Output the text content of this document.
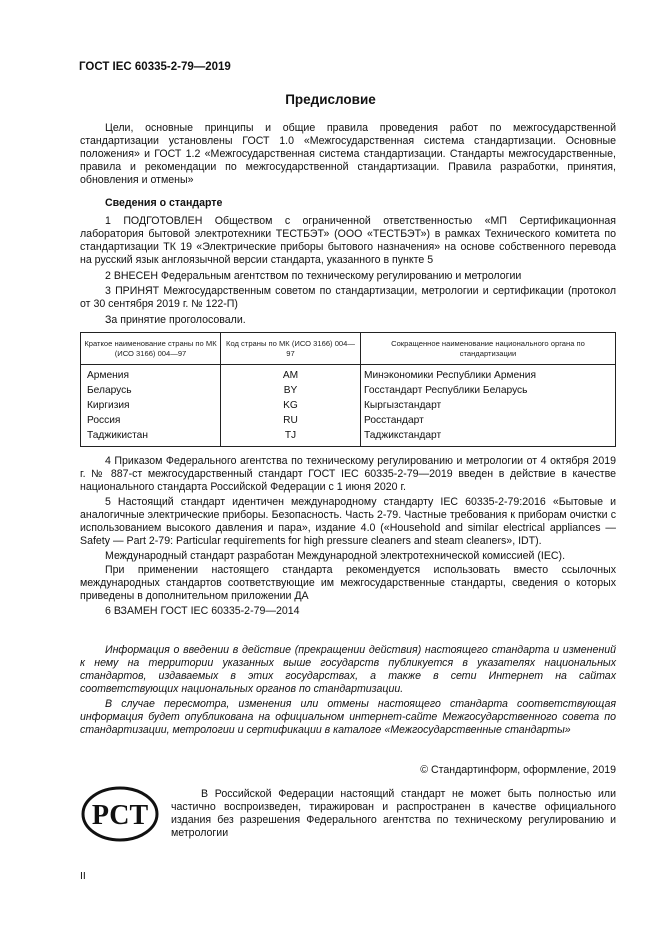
ГОСТ IEC 60335-2-79—2019
Предисловие
Цели, основные принципы и общие правила проведения работ по межгосударственной стандартизации установлены ГОСТ 1.0 «Межгосударственная система стандартизации. Основные положения» и ГОСТ 1.2 «Межгосударственная система стандартизации. Стандарты межгосударственные, правила и рекомендации по межгосударственной стандартизации. Правила разработки, принятия, обновления и отмены»
Сведения о стандарте
1 ПОДГОТОВЛЕН Обществом с ограниченной ответственностью «МП Сертификационная лаборатория бытовой электротехники ТЕСТБЭТ» (ООО «ТЕСТБЭТ») в рамках Технического комитета по стандартизации ТК 19 «Электрические приборы бытового назначения» на основе собственного перевода на русский язык англоязычной версии стандарта, указанного в пункте 5
2 ВНЕСЕН Федеральным агентством по техническому регулированию и метрологии
3 ПРИНЯТ Межгосударственным советом по стандартизации, метрологии и сертификации (протокол от 30 сентября 2019 г. № 122-П)
За принятие проголосовали.
Краткое наименование страны по МК (ИСО 3166) 004—97	Код страны по МК (ИСО 3166) 004—97	Сокращенное наименование национального органа по стандартизации
Армения	AM	Минэкономики Республики Армения
Беларусь	BY	Госстандарт Республики Беларусь
Киргизия	KG	Кыргызстандарт
Россия	RU	Росстандарт
Таджикистан	TJ	Таджикстандарт
4 Приказом Федерального агентства по техническому регулированию и метрологии от 4 октября 2019 г. № 887-ст межгосударственный стандарт ГОСТ IEC 60335-2-79—2019 введен в действие в качестве национального стандарта Российской Федерации с 1 июня 2020 г.
5 Настоящий стандарт идентичен международному стандарту IEC 60335-2-79:2016 «Бытовые и аналогичные электрические приборы. Безопасность. Часть 2-79. Частные требования к приборам очистки с использованием высокого давления и пара», издание 4.0 («Household and similar electrical appliances — Safety — Part 2-79: Particular requirements for high pressure cleaners and steam cleaners», IDT).
Международный стандарт разработан Международной электротехнической комиссией (IEC).
При применении настоящего стандарта рекомендуется использовать вместо ссылочных международных стандартов соответствующие им межгосударственные стандарты, сведения о которых приведены в дополнительном приложении ДА
6 ВЗАМЕН ГОСТ IEC 60335-2-79—2014
Информация о введении в действие (прекращении действия) настоящего стандарта и изменений к нему на территории указанных выше государств публикуется в указателях национальных стандартов, издаваемых в этих государствах, а также в сети Интернет на сайтах соответствующих национальных органов по стандартизации.
В случае пересмотра, изменения или отмены настоящего стандарта соответствующая информация будет опубликована на официальном интернет-сайте Межгосударственного совета по стандартизации, метрологии и сертификации в каталоге «Межгосударственные стандарты»
© Стандартинформ, оформление, 2019
РСТ
В Российской Федерации настоящий стандарт не может быть полностью или частично воспроизведен, тиражирован и распространен в качестве официального издания без разрешения Федерального агентства по техническому регулированию и метрологии
II
